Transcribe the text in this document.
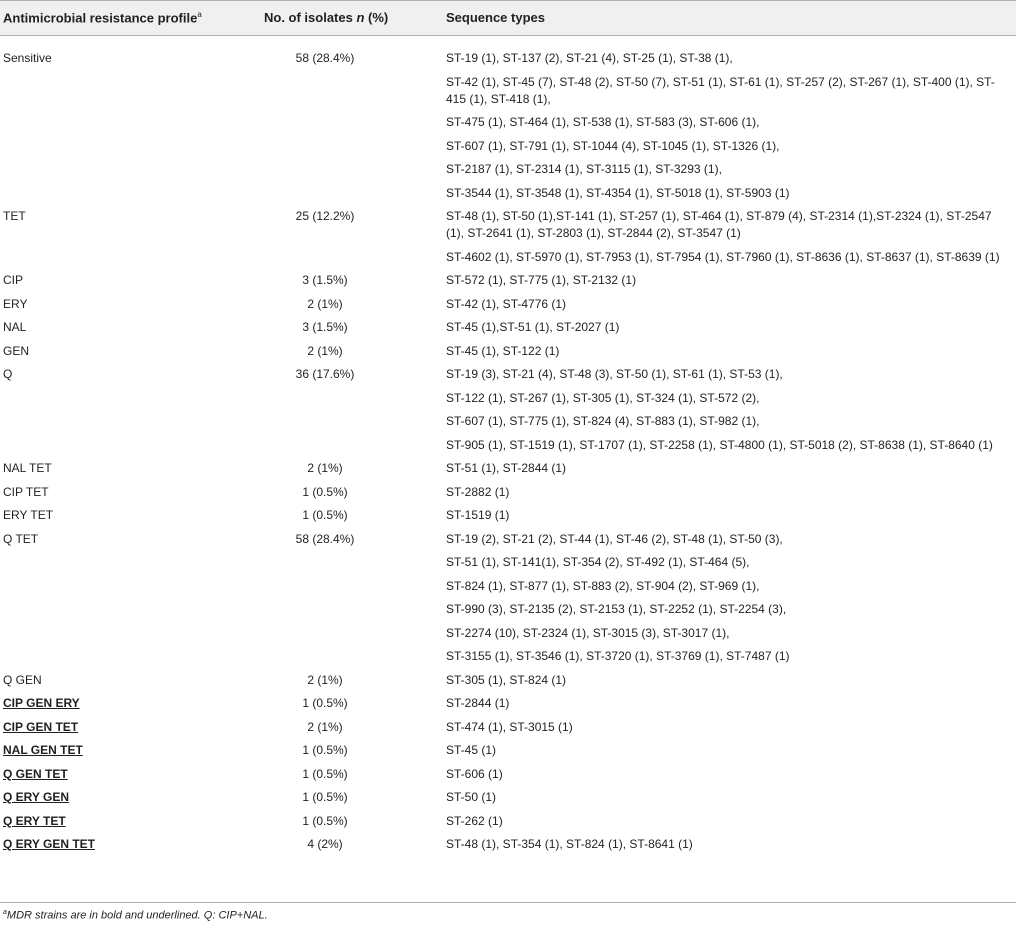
Antimicrobial resistance profile$^a$	No. of isolates n (%)	Sequence types
Sensitive	58 (28.4%)	ST-19 (1), ST-137 (2), ST-21 (4), ST-25 (1), ST-38 (1),
ST-42 (1), ST-45 (7), ST-48 (2), ST-50 (7), ST-51 (1), ST-61 (1), ST-257 (2), ST-267 (1), ST-400 (1), ST-415 (1), ST-418 (1),
ST-475 (1), ST-464 (1), ST-538 (1), ST-583 (3), ST-606 (1),
ST-607 (1), ST-791 (1), ST-1044 (4), ST-1045 (1), ST-1326 (1),
ST-2187 (1), ST-2314 (1), ST-3115 (1), ST-3293 (1),
ST-3544 (1), ST-3548 (1), ST-4354 (1), ST-5018 (1), ST-5903 (1)
TET	25 (12.2%)	ST-48 (1), ST-50 (1),ST-141 (1), ST-257 (1), ST-464 (1), ST-879 (4), ST-2314 (1),ST-2324 (1), ST-2547 (1), ST-2641 (1), ST-2803 (1), ST-2844 (2), ST-3547 (1)
ST-4602 (1), ST-5970 (1), ST-7953 (1), ST-7954 (1), ST-7960 (1), ST-8636 (1), ST-8637 (1), ST-8639 (1)
CIP	3 (1.5%)	ST-572 (1), ST-775 (1), ST-2132 (1)
ERY	2 (1%)	ST-42 (1), ST-4776 (1)
NAL	3 (1.5%)	ST-45 (1),ST-51 (1), ST-2027 (1)
GEN	2 (1%)	ST-45 (1), ST-122 (1)
Q	36 (17.6%)	ST-19 (3), ST-21 (4), ST-48 (3), ST-50 (1), ST-61 (1), ST-53 (1),
ST-122 (1), ST-267 (1), ST-305 (1), ST-324 (1), ST-572 (2),
ST-607 (1), ST-775 (1), ST-824 (4), ST-883 (1), ST-982 (1),
ST-905 (1), ST-1519 (1), ST-1707 (1), ST-2258 (1), ST-4800 (1), ST-5018 (2), ST-8638 (1), ST-8640 (1)
NAL TET	2 (1%)	ST-51 (1), ST-2844 (1)
CIP TET	1 (0.5%)	ST-2882 (1)
ERY TET	1 (0.5%)	ST-1519 (1)
Q TET	58 (28.4%)	ST-19 (2), ST-21 (2), ST-44 (1), ST-46 (2), ST-48 (1), ST-50 (3),
ST-51 (1), ST-141(1), ST-354 (2), ST-492 (1), ST-464 (5),
ST-824 (1), ST-877 (1), ST-883 (2), ST-904 (2), ST-969 (1),
ST-990 (3), ST-2135 (2), ST-2153 (1), ST-2252 (1), ST-2254 (3),
ST-2274 (10), ST-2324 (1), ST-3015 (3), ST-3017 (1),
ST-3155 (1), ST-3546 (1), ST-3720 (1), ST-3769 (1), ST-7487 (1)
Q GEN	2 (1%)	ST-305 (1), ST-824 (1)
CIP GEN ERY	1 (0.5%)	ST-2844 (1)
CIP GEN TET	2 (1%)	ST-474 (1), ST-3015 (1)
NAL GEN TET	1 (0.5%)	ST-45 (1)
Q GEN TET	1 (0.5%)	ST-606 (1)
Q ERY GEN	1 (0.5%)	ST-50 (1)
Q ERY TET	1 (0.5%)	ST-262 (1)
Q ERY GEN TET	4 (2%)	ST-48 (1), ST-354 (1), ST-824 (1), ST-8641 (1)
$^a$MDR strains are in bold and underlined. Q: CIP+NAL.
